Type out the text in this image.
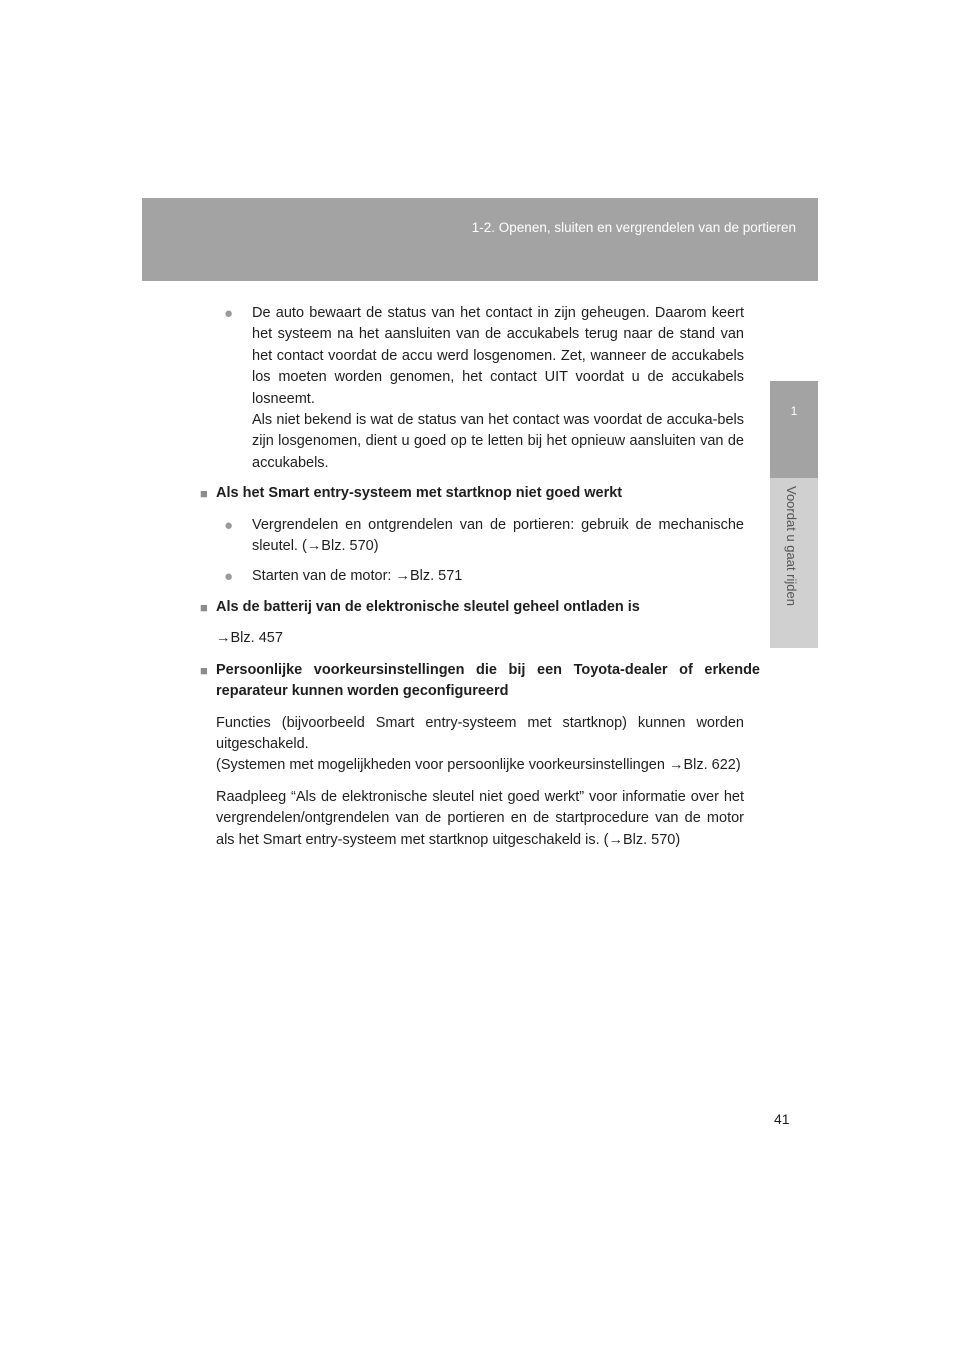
1-2. Openen, sluiten en vergrendelen van de portieren
1
Voordat u gaat rijden
● De auto bewaart de status van het contact in zijn geheugen. Daarom keert het systeem na het aansluiten van de accukabels terug naar de stand van het contact voordat de accu werd losgenomen. Zet, wanneer de accukabels los moeten worden genomen, het contact UIT voordat u de accukabels losneemt.
Als niet bekend is wat de status van het contact was voordat de accuka-bels zijn losgenomen, dient u goed op te letten bij het opnieuw aansluiten van de accukabels.
■ Als het Smart entry-systeem met startknop niet goed werkt
● Vergrendelen en ontgrendelen van de portieren: gebruik de mechanische sleutel. (→Blz. 570)
● Starten van de motor: →Blz. 571
■ Als de batterij van de elektronische sleutel geheel ontladen is
→Blz. 457
■ Persoonlijke voorkeursinstellingen die bij een Toyota-dealer of erkende reparateur kunnen worden geconfigureerd
Functies (bijvoorbeeld Smart entry-systeem met startknop) kunnen worden uitgeschakeld.
(Systemen met mogelijkheden voor persoonlijke voorkeursinstellingen →Blz. 622)
Raadpleeg “Als de elektronische sleutel niet goed werkt” voor informatie over het vergrendelen/ontgrendelen van de portieren en de startprocedure van de motor als het Smart entry-systeem met startknop uitgeschakeld is. (→Blz. 570)
41
